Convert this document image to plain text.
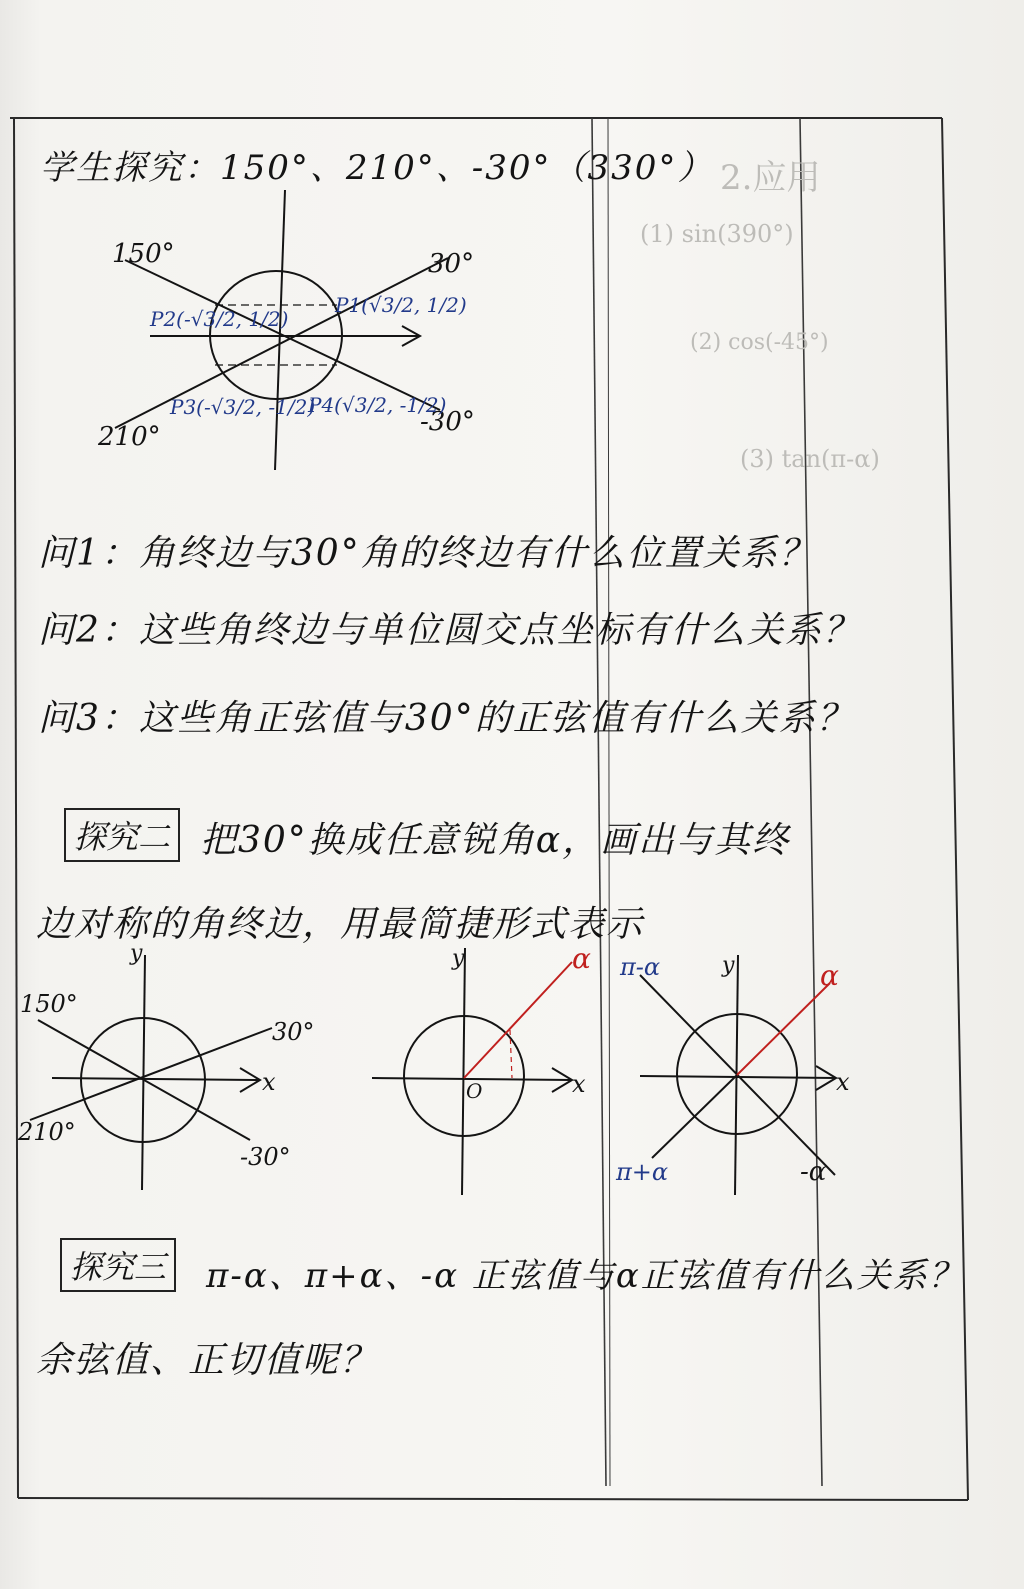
2.应用
(1) sin(390°)
(2) cos(-45°)
(3) tan(π-α)
学生探究：150°、210°、-30°（330°）
150°	30°
210°	-30°
P1(√3/2, 1/2)
P2(-√3/2, 1/2)
P3(-√3/2, -1/2)
P4(√3/2, -1/2)
问1：角终边与30°角的终边有什么位置关系？
问2：这些角终边与单位圆交点坐标有什么关系？
问3：这些角正弦值与30°的正弦值有什么关系？
探究二 把30°换成任意锐角α，画出与其终
边对称的角终边，用最简捷形式表示
150°
30°
210°
-30°
x
y	α
x
y
O
π-α	α
π+α	-α
x
y
探究三 π-α、π+α、-α 正弦值与α正弦值有什么关系？
余弦值、正切值呢？
